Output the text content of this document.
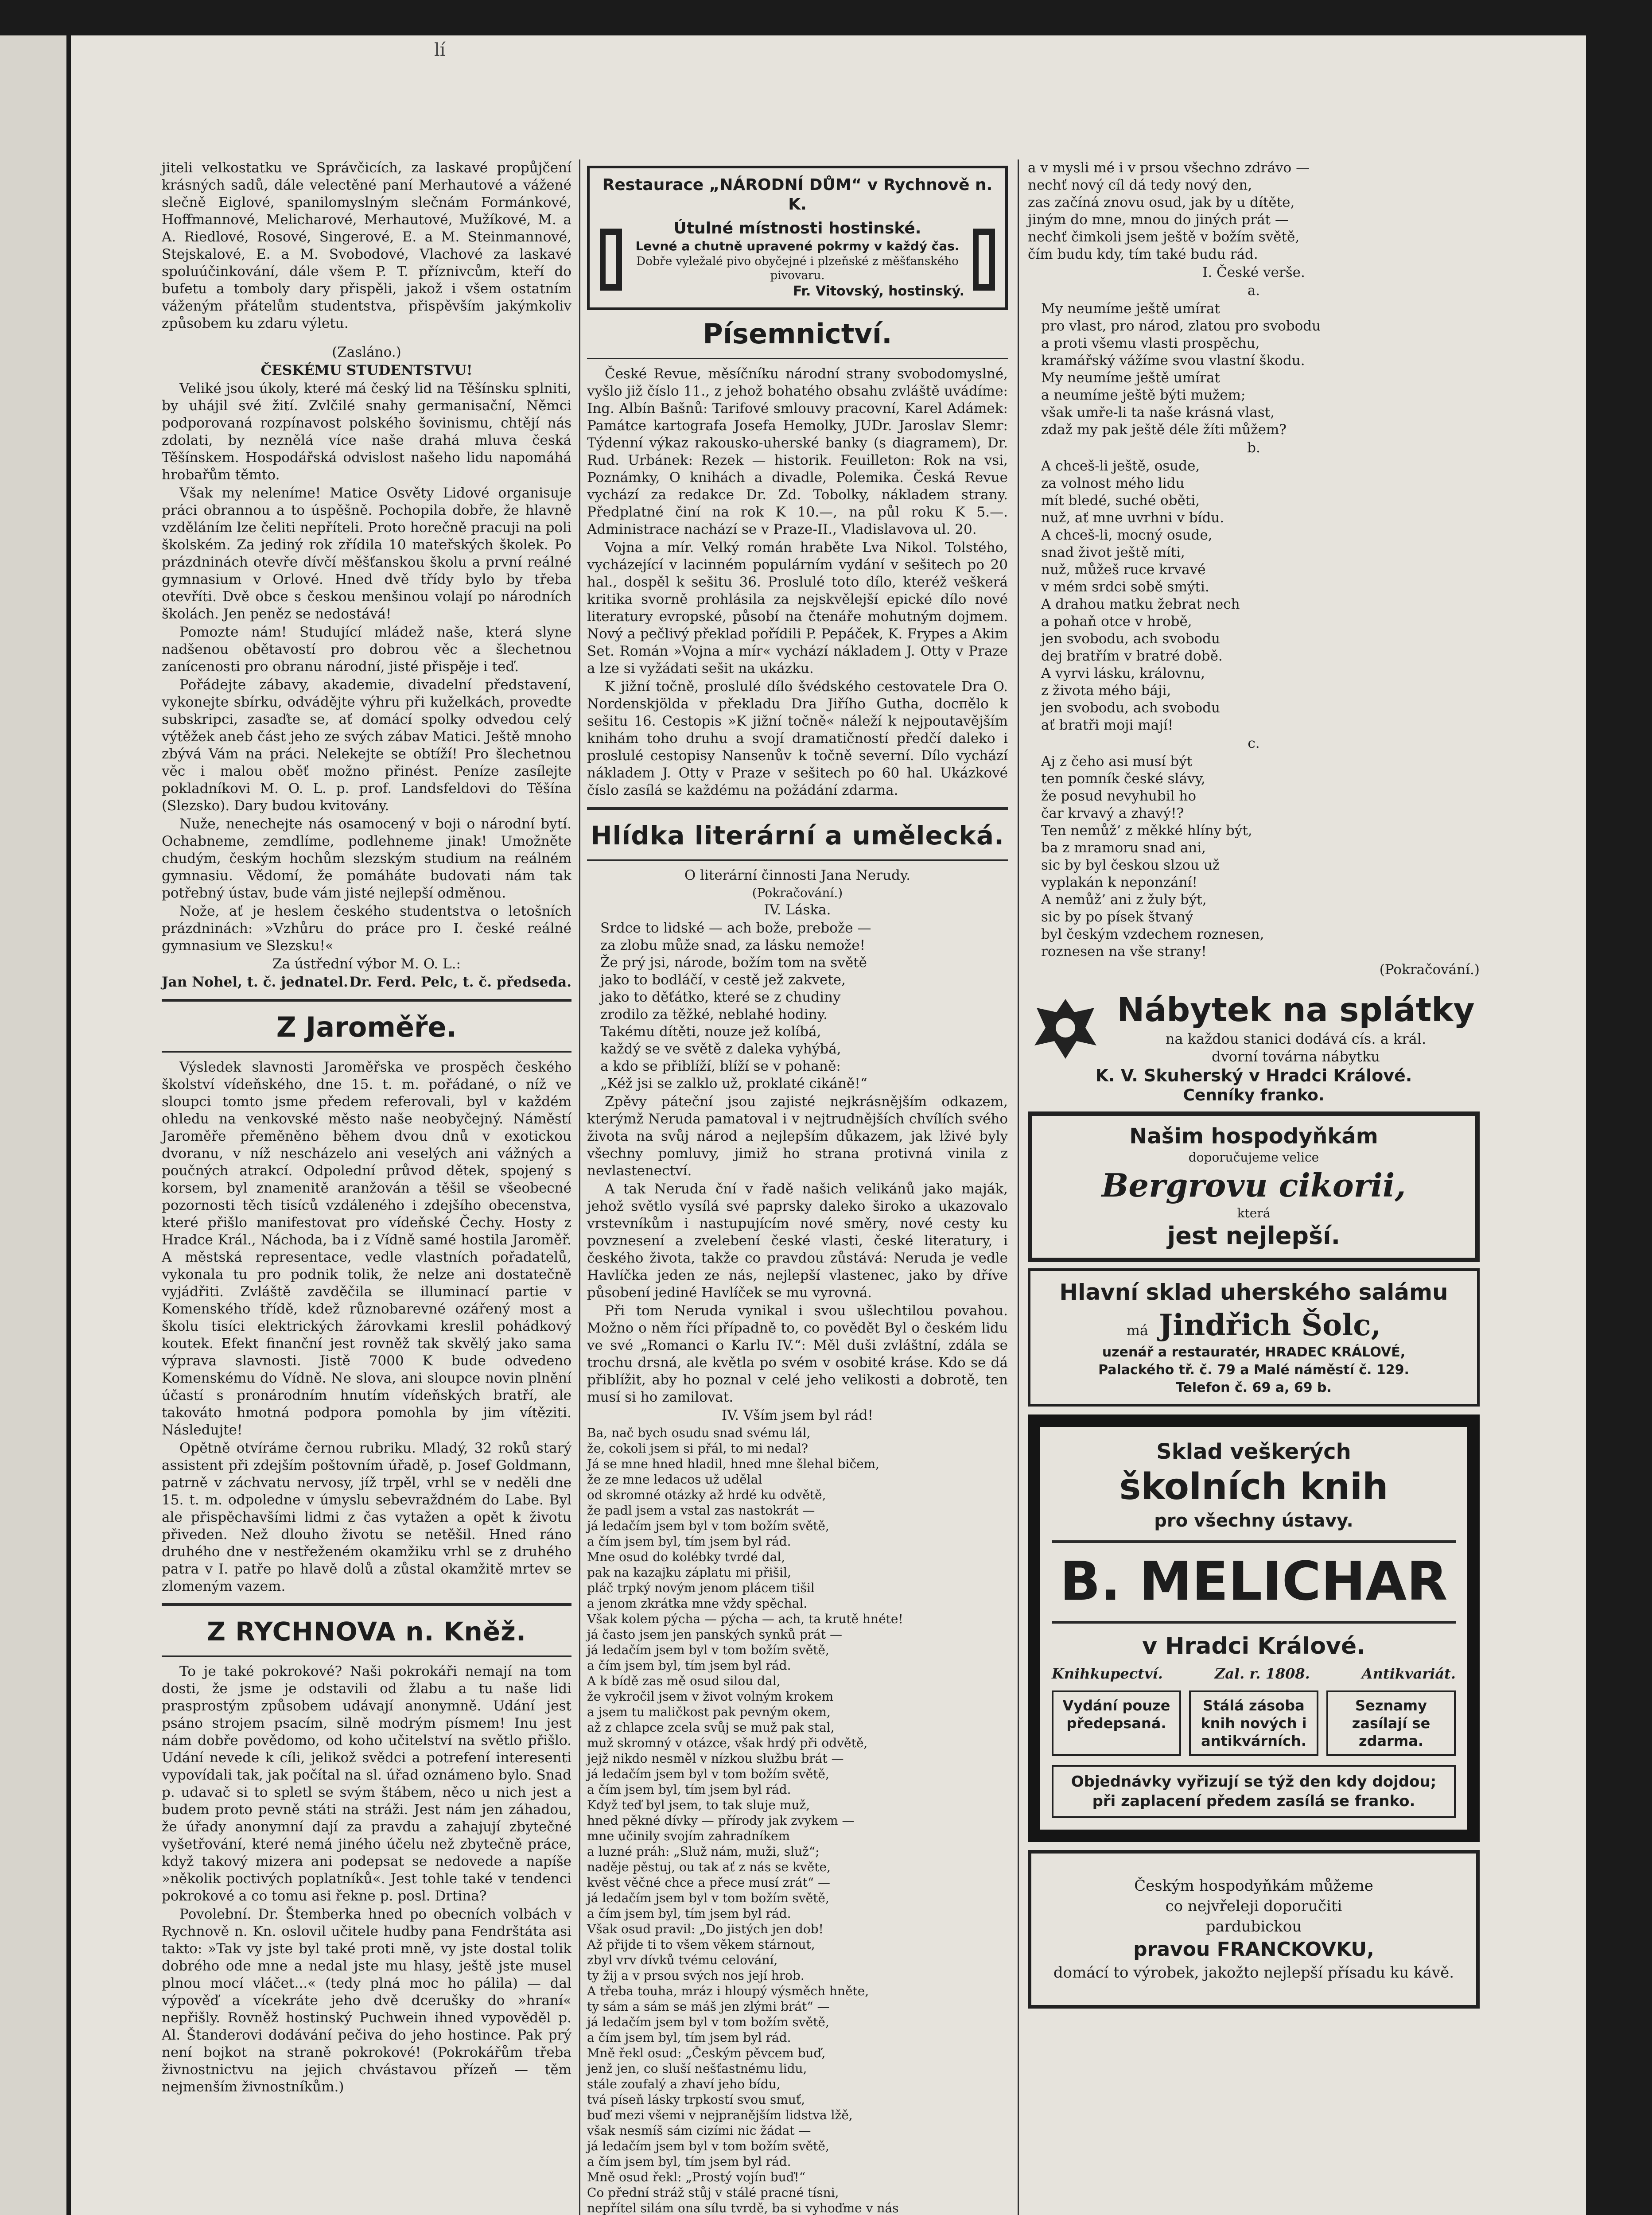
lí

jiteli velkostatku ve Správčicích, za laskavé propůjčení krásných sadů, dále velectěné paní Merhautové a vážené slečně Eiglové, spanilomyslným slečnám Formánkové, Hoffmannové, Melicharové, Merhautové, Mužíkové, M. a A. Riedlové, Rosové, Singerové, E. a M. Steinmannové, Stejskalové, E. a M. Svobodové, Vlachové za laskavé spoluúčinkování, dále všem P. T. příznivcům, kteří do bufetu a tomboly dary přispěli, jakož i všem ostatním váženým přátelům studentstva, přispěvším jakýmkoliv způsobem ku zdaru výletu.

(Zasláno.)

ČESKÉMU STUDENTSTVU!

Veliké jsou úkoly, které má český lid na Těšínsku splniti, by uhájil své žití. Zvlčilé snahy germanisační, Němci podporovaná rozpínavost polského šovinismu, chtějí nás zdolati, by neznělá více naše drahá mluva česká Těšínskem. Hospodářská odvislost našeho lidu napomáhá hrobařům těmto.

Však my neleníme! Matice Osvěty Lidové organisuje práci obrannou a to úspěšně. Pochopila dobře, že hlavně vzděláním lze čeliti nepříteli. Proto horečně pracuji na poli školském. Za jediný rok zřídila 10 mateřských školek. Po prázdninách otevře dívčí měšťanskou školu a první reálné gymnasium v Orlové. Hned dvě třídy bylo by třeba otevříti. Dvě obce s českou menšinou volají po národních školách. Jen peněz se nedostává!

Pomozte nám! Studující mládež naše, která slyne nadšenou obětavostí pro dobrou věc a šlechetnou zanícenosti pro obranu národní, jisté přispěje i teď.

Pořádejte zábavy, akademie, divadelní představení, vykonejte sbírku, odvádějte výhru při kuželkách, provedte subskripci, zasaďte se, ať domácí spolky odvedou celý výtěžek aneb část jeho ze svých zábav Matici. Ještě mnoho zbývá Vám na práci. Nelekejte se obtíží! Pro šlechetnou věc i malou oběť možno přinést. Peníze zasílejte pokladníkovi M. O. L. p. prof. Landsfeldovi do Těšína (Slezsko). Dary budou kvitovány.

Nuže, nenechejte nás osamocený v boji o národní bytí. Ochabneme, zemdlíme, podlehneme jinak! Umožněte chudým, českým hochům slezským studium na reálném gymnasiu. Vědomí, že pomáháte budovati nám tak potřebný ústav, bude vám jisté nejlepší odměnou.

Nože, ať je heslem českého studentstva o letošních prázdninách: »Vzhůru do práce pro I. české reálné gymnasium ve Slezsku!«

Za ústřední výbor M. O. L.:

Jan Nohel, t. č. jednatel. Dr. Ferd. Pelc, t. č. předseda.
Z Jaroměře.

Výsledek slavnosti Jaroměřska ve prospěch českého školství vídeňského, dne 15. t. m. pořádané, o níž ve sloupci tomto jsme předem referovali, byl v každém ohledu na venkovské město naše neobyčejný. Náměstí Jaroměře přeměněno během dvou dnů v exotickou dvoranu, v níž nescházelo ani veselých ani vážných a poučných atrakcí. Odpolední průvod dětek, spojený s korsem, byl znamenitě aranžován a těšil se všeobecné pozornosti těch tisíců vzdáleného i zdejšího obecenstva, které přišlo manifestovat pro vídeňské Čechy. Hosty z Hradce Král., Náchoda, ba i z Vídně samé hostila Jaroměř. A městská representace, vedle vlastních pořadatelů, vykonala tu pro podnik tolik, že nelze ani dostatečně vyjádřiti. Zvláště zavděčila se illuminací partie v Komenského třídě, kdež různobarevné ozářený most a školu tisíci elektrických žárovkami kreslil pohádkový koutek. Efekt finanční jest rovněž tak skvělý jako sama výprava slavnosti. Jistě 7000 K bude odvedeno Komenskému do Vídně. Ne slova, ani sloupce novin plnění účastí s pronárodním hnutím vídeňských bratří, ale takováto hmotná podpora pomohla by jim vítěziti. Následujte!

Opětně otvíráme černou rubriku. Mladý, 32 roků starý assistent při zdejším poštovním úřadě, p. Josef Goldmann, patrně v záchvatu nervosy, jíž trpěl, vrhl se v neděli dne 15. t. m. odpoledne v úmyslu sebevraždném do Labe. Byl ale přispěchavšími lidmi z čas vytažen a opět k životu přiveden. Než dlouho životu se netěšil. Hned ráno druhého dne v nestřeženém okamžiku vrhl se z druhého patra v I. patře po hlavě dolů a zůstal okamžitě mrtev se zlomeným vazem.

Z RYCHNOVA n. Kněž.

To je také pokrokové? Naši pokrokáři nemají na tom dosti, že jsme je odstavili od žlabu a tu naše lidi prasprostým způsobem udávají anonymně. Udání jest psáno strojem psacím, silně modrým písmem! Inu jest nám dobře povědomo, od koho učitelství na světlo přišlo. Udání nevede k cíli, jelikož svědci a potrefení interesenti vypovídali tak, jak počítal na sl. úřad oznámeno bylo. Snad p. udavač si to spletl se svým štábem, něco u nich jest a budem proto pevně státi na stráži. Jest nám jen záhadou, že úřady anonymní dají za pravdu a zahajují zbytečné vyšetřování, které nemá jiného účelu než zbytečně práce, když takový mizera ani podepsat se nedovede a napíše »několik poctivých poplatníků«. Jest tohle také v tendenci pokrokové a co tomu asi řekne p. posl. Drtina?

Povolební. Dr. Štemberka hned po obecních volbách v Rychnově n. Kn. oslovil učitele hudby pana Fendrštáta asi takto: »Tak vy jste byl také proti mně, vy jste dostal tolik dobrého ode mne a nedal jste mu hlasy, ještě jste musel plnou mocí vláčet...« (tedy plná moc ho pálila) — dal výpověď a vícekráte jeho dvě dcerušky do »hraní« nepřišly. Rovněž hostinský Puchwein ihned vypověděl p. Al. Štanderovi dodávání pečiva do jeho hostince. Pak prý není bojkot na straně pokrokové! (Pokrokářům třeba živnostnictvu na jejich chvástavou přízeň — těm nejmenším živnostníkům.)

Restaurace „NÁRODNÍ DŮM“ v Rychnově n. K.
Útulné místnosti hostinské.
Levné a chutně upravené pokrmy v každý čas.
Dobře vyležalé pivo obyčejné i plzeňské z měšťanského pivovaru.
Fr. Vitovský, hostinský.
Písemnictví.

České Revue, měsíčníku národní strany svobodomyslné, vyšlo již číslo 11., z jehož bohatého obsahu zvláště uvádíme: Ing. Albín Bašnů: Tarifové smlouvy pracovní, Karel Adámek: Památce kartografa Josefa Hemolky, JUDr. Jaroslav Slemr: Týdenní výkaz rakousko-uherské banky (s diagramem), Dr. Rud. Urbánek: Rezek — historik. Feuilleton: Rok na vsi, Poznámky, O knihách a divadle, Polemika. Česká Revue vychází za redakce Dr. Zd. Tobolky, nákladem strany. Předplatné činí na rok K 10.—, na půl roku K 5.—. Administrace nachází se v Praze-II., Vladislavova ul. 20.

Vojna a mír. Velký román hraběte Lva Nikol. Tolstého, vycházející v lacinném populárním vydání v sešitech po 20 hal., dospěl k sešitu 36. Proslulé toto dílo, kteréž veškerá kritika svorně prohlásila za nejskvělejší epické dílo nové literatury evropské, působí na čtenáře mohutným dojmem. Nový a pečlivý překlad pořídili P. Pepáček, K. Frypes a Akim Set. Román »Vojna a mír« vychází nákladem J. Otty v Praze a lze si vyžádati sešit na ukázku.

K jižní točně, proslulé dílo švédského cestovatele Dra O. Nordenskjölda v překladu Dra Jiřího Gutha, doспělo k sešitu 16. Cestopis »K jižní točně« náleží k nejpoutavějším knihám toho druhu a svojí dramatičností předčí daleko i proslulé cestopisy Nansenův k točně severní. Dílo vychází nákladem J. Otty v Praze v sešitech po 60 hal. Ukázkové číslo zasílá se každému na požádání zdarma.

Hlídka literární a umělecká.

O literární činnosti Jana Nerudy.

(Pokračování.)

IV. Láska.

Srdce to lidské — ach bože, prebože —
za zlobu může snad, za lásku nemože!
Že prý jsi, národe, božím tom na světě
jako to bodláčí, v cestě jež zakvete,
jako to děťátko, které se z chudiny
zrodilo za těžké, neblahé hodiny.
Takému dítěti, nouze jež kolíbá,
každý se ve světě z daleka vyhýbá,
a kdo se přiblíží, blíží se v pohaně:
„Kéž jsi se zalklo už, proklaté cikáně!“

Zpěvy páteční jsou zajisté nejkrásnějším odkazem, kterýmž Neruda pamatoval i v nejtrudnějších chvílích svého života na svůj národ a nejlepším důkazem, jak lživé byly všechny pomluvy, jimiž ho strana protivná vinila z nevlastenectví.

A tak Neruda ční v řadě našich velikánů jako maják, jehož světlo vysílá své paprsky daleko široko a ukazovalo vrstevníkům i nastupujícím nové směry, nové cesty ku povznesení a zvelebení české vlasti, české literatury, i českého života, takže co pravdou zůstává: Neruda je vedle Havlíčka jeden ze nás, nejlepší vlastenec, jako by dříve působení jediné Havlíček se mu vyrovná.

Při tom Neruda vynikal i svou ušlechtilou povahou. Možno o něm říci případně to, co povědět Byl o českém lidu ve své „Romanci o Karlu IV.“: Měl duši zvláštní, zdála se trochu drsná, ale květla po svém v osobité kráse. Kdo se dá přiblížit, aby ho poznal v celé jeho velikosti a dobrotě, ten musí si ho zamilovat.

IV. Vším jsem byl rád!

Ba, nač bych osudu snad svému lál,
že, cokoli jsem si přál, to mi nedal?
Já se mne hned hladil, hned mne šlehal bičem,
že ze mne ledacos už udělal
od skromné otázky až hrdé ku odvětě,
že padl jsem a vstal zas nastokrát —
já ledačím jsem byl v tom božím světě,
a čím jsem byl, tím jsem byl rád.
Mne osud do kolébky tvrdé dal,
pak na kazajku záplatu mi přišil,
pláč trpký novým jenom plácem tišil
a jenom zkrátka mne vždy spěchal.
Však kolem pýcha — pýcha — ach, ta krutě hnéte!
já často jsem jen panských synků prát —
já ledačím jsem byl v tom božím světě,
a čím jsem byl, tím jsem byl rád.
A k bídě zas mě osud silou dal,
že vykročil jsem v život volným krokem
a jsem tu maličkost pak pevným okem,
až z chlapce zcela svůj se muž pak stal,
muž skromný v otázce, však hrdý při odvětě,
jejž nikdo nesměl v nízkou službu brát —
já ledačím jsem byl v tom božím světě,
a čím jsem byl, tím jsem byl rád.
Když teď byl jsem, to tak sluje muž,
hned pěkné dívky — přírody jak zvykem —
mne učinily svojím zahradníkem
a luzné práh: „Služ nám, muži, služ“;
naděje pěstuj, ou tak ať z nás se květe,
kvěst věčné chce a přece musí zrát“ —
já ledačím jsem byl v tom božím světě,
a čím jsem byl, tím jsem byl rád.
Však osud pravil: „Do jistých jen dob!
Až přijde ti to všem věkem stárnout,
zbyl vrv dívků tvému celování,
ty žij a v prsou svých nos její hrob.
A třeba touha, mráz i hloupý výsměch hněte,
ty sám a sám se máš jen zlými brát“ —
já ledačím jsem byl v tom božím světě,
a čím jsem byl, tím jsem byl rád.
Mně řekl osud: „Českým pěvcem buď,
jenž jen, co sluší nešťastnému lidu,
stále zoufalý a zhaví jeho bídu,
tvá píseň lásky trpkostí svou smuť,
buď mezi všemi v nejpranějším lidstva lžě,
však nesmíš sám cizími nic žádat —
já ledačím jsem byl v tom božím světě,
a čím jsem byl, tím jsem byl rád.
Mně osud řekl: „Prostý vojín buď!“
Co přední stráž stůj v stálé pracné tísni,
nepřítel silám ona sílu tvrdě, ba si vyhoďme v nás

a v mysli mé i v prsou všechno zdrávo —
nechť nový cíl dá tedy nový den,
zas začíná znovu osud, jak by u dítěte,
jiným do mne, mnou do jiných prát —
nechť čimkoli jsem ještě v božím světě,
čím budu kdy, tím také budu rád.

I. České verše.

a.

My neumíme ještě umírat
pro vlast, pro národ, zlatou pro svobodu
a proti všemu vlasti prospěchu,
kramářský vážíme svou vlastní škodu.
My neumíme ještě umírat
a neumíme ještě býti mužem;
však umře-li ta naše krásná vlast,
zdaž my pak ještě déle žíti můžem?

b.

A chceš-li ještě, osude,
za volnost mého lidu
mít bledé, suché oběti,
nuž, ať mne uvrhni v bídu.
A chceš-li, mocný osude,
snad život ještě míti,
nuž, můžeš ruce krvavé
v mém srdci sobě smýti.
A drahou matku žebrat nech
a pohaň otce v hrobě,
jen svobodu, ach svobodu
dej bratřím v bratré době.
A vyrvi lásku, královnu,
z života mého báji,
jen svobodu, ach svobodu
ať bratři moji mají!

c.

Aj z čeho asi musí být
ten pomník české slávy,
že posud nevyhubil ho
čar krvavý a zhavý!?
Ten nemůž’ z měkké hlíny být,
ba z mramoru snad ani,
sic by byl českou slzou už
vyplakán k neponzání!
A nemůž’ ani z žuly být,
sic by po písek štvaný
byl českým vzdechem roznesen,
roznesen na vše strany!

(Pokračování.)

Nábytek na splátky
na každou stanici dodává cís. a král.
dvorní továrna nábytku
K. V. Skuherský v Hradci Králové.
Cenníky franko.
Našim hospodyňkám
doporučujeme velice
Bergrovu cikorii,
která
jest nejlepší.
Hlavní sklad uherského salámu
má Jindřich Šolc,
uzenář a restauratér, HRADEC KRÁLOVÉ,
Palackého tř. č. 79 a Malé náměstí č. 129.
Telefon č. 69 a, 69 b.
Sklad veškerých
školních knih
pro všechny ústavy.
B. MELICHAR
v Hradci Králové.
Knihkupectví.	Zal. r. 1808.	Antikvariát.
Vydání pouze předepsaná.
Stálá zásoba knih nových i antikvárních.
Seznamy zasílají se zdarma.
Objednávky vyřizují se týž den kdy dojdou; při zaplacení předem zasílá se franko.
Českým hospodyňkám můžeme
co nejvřeleji doporučiti
pardubickou
pravou FRANCKOVKU,
domácí to výrobek, jakožto nejlepší přísadu ku kávě.
